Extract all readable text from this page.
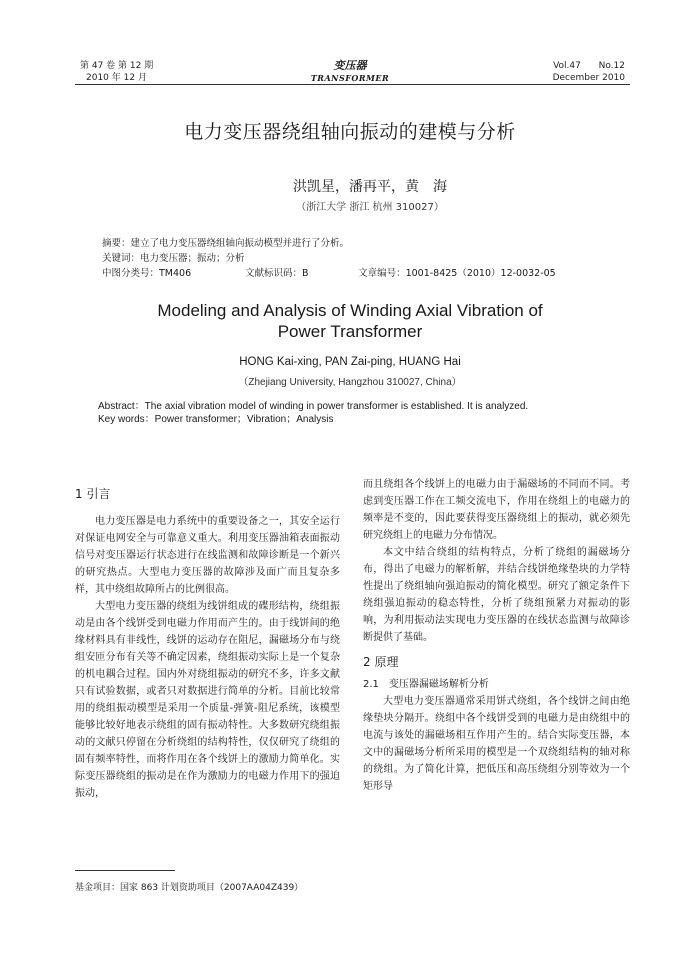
第 47 卷 第 12 期
2010 年 12 月
变压器
TRANSFORMER
Vol.47 No.12
December 2010
电力变压器绕组轴向振动的建模与分析
洪凯星，潘再平，黄　海
（浙江大学 浙江 杭州 310027）
摘要：建立了电力变压器绕组轴向振动模型并进行了分析。
关键词：电力变压器；振动；分析
中图分类号：TM406	文献标识码：B	文章编号：1001-8425（2010）12-0032-05
Modeling and Analysis of Winding Axial Vibration of
Power Transformer
HONG Kai-xing, PAN Zai-ping, HUANG Hai
（Zhejiang University, Hangzhou 310027, China）
Abstract：The axial vibration model of winding in power transformer is established. It is analyzed.
Key words：Power transformer；Vibration；Analysis
1 引言

电力变压器是电力系统中的重要设备之一，其安全运行对保证电网安全与可靠意义重大。利用变压器油箱表面振动信号对变压器运行状态进行在线监测和故障诊断是一个新兴的研究热点。大型电力变压器的故障涉及面广而且复杂多样，其中绕组故障所占的比例很高。

大型电力变压器的绕组为线饼组成的碟形结构，绕组振动是由各个线饼受到电磁力作用而产生的。由于线饼间的绝缘材料具有非线性，线饼的运动存在阻尼，漏磁场分布与绕组安匝分布有关等不确定因素，绕组振动实际上是一个复杂的机电耦合过程。国内外对绕组振动的研究不多，许多文献只有试验数据，或者只对数据进行简单的分析。目前比较常用的绕组振动模型是采用一个质量-弹簧-阻尼系统，该模型能够比较好地表示绕组的固有振动特性。大多数研究绕组振动的文献只停留在分析绕组的结构特性，仅仅研究了绕组的固有频率特性，而将作用在各个线饼上的激励力简单化。实际变压器绕组的振动是在作为激励力的电磁力作用下的强迫振动，

而且绕组各个线饼上的电磁力由于漏磁场的不同而不同。考虑到变压器工作在工频交流电下，作用在绕组上的电磁力的频率是不变的，因此要获得变压器绕组上的振动，就必须先研究绕组上的电磁力分布情况。

本文中结合绕组的结构特点，分析了绕组的漏磁场分布，得出了电磁力的解析解，并结合线饼绝缘垫块的力学特性提出了绕组轴向强迫振动的简化模型。研究了额定条件下绕组强迫振动的稳态特性，分析了绕组预紧力对振动的影响，为利用振动法实现电力变压器的在线状态监测与故障诊断提供了基础。

2 原理
2.1　变压器漏磁场解析分析

大型电力变压器通常采用饼式绕组，各个线饼之间由绝缘垫块分隔开。绕组中各个线饼受到的电磁力是由绕组中的电流与该处的漏磁场相互作用产生的。结合实际变压器，本文中的漏磁场分析所采用的模型是一个双绕组结构的轴对称的绕组。为了简化计算，把低压和高压绕组分别等效为一个矩形导

基金项目：国家 863 计划资助项目（2007AA04Z439）
